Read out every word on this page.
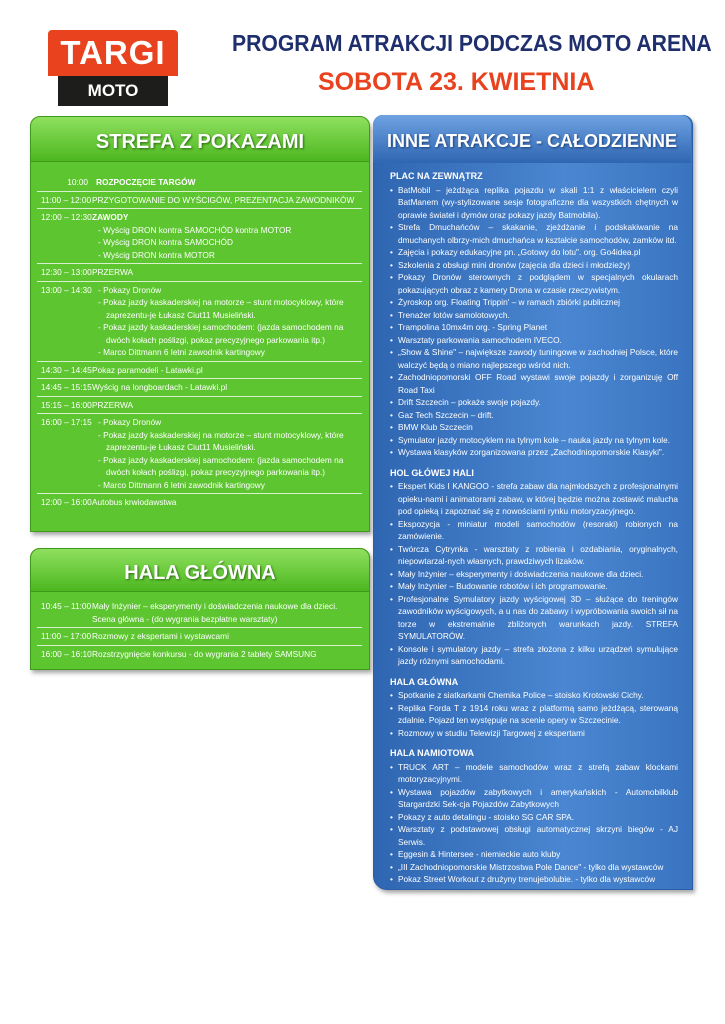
TARGI
MOTO
PROGRAM ATRAKCJI PODCZAS MOTO ARENA
SOBOTA 23. KWIETNIA
STREFA Z POKAZAMI
10:00 ROZPOCZĘCIE TARGÓW
11:00 – 12:00 PRZYGOTOWANIE DO WYŚCIGÓW, PREZENTACJA ZAWODNIKÓW
12:00 – 12:30 ZAWODY
- Wyścig DRON kontra SAMOCHÓD kontra MOTOR
- Wyścig DRON kontra SAMOCHÓD
- Wyścig DRON kontra MOTOR
12:30 – 13:00 PRZERWA
13:00 – 14:30 - Pokazy Dronów
- Pokaz jazdy kaskaderskiej na motorze – stunt motocyklowy, które zaprezentu-je Łukasz Ciut11 Musieliński.
- Pokaz jazdy kaskaderskiej samochodem: (jazda samochodem na dwóch kołach poślizgi, pokaz precyzyjnego parkowania itp.)
- Marco Dittmann 6 letni zawodnik kartingowy
14:30 – 14:45 Pokaz paramodeli - Latawki.pl
14:45 – 15:15 Wyścig na longboardach - Latawki.pl
15:15 – 16:00 PRZERWA
16:00 – 17:15 - Pokazy Dronów
- Pokaz jazdy kaskaderskiej na motorze – stunt motocyklowy, które zaprezentu-je Łukasz Ciut11 Musieliński.
- Pokaz jazdy kaskaderskiej samochodem: (jazda samochodem na dwóch kołach poślizgi, pokaz precyzyjnego parkowania itp.)
- Marco Dittmann 6 letni zawodnik kartingowy
12:00 – 16:00 Autobus krwiodawstwa
HALA GŁÓWNA
10:45 – 11:00 Mały Inżynier – eksperymenty i doświadczenia naukowe dla dzieci.
Scena główna - (do wygrania bezpłatne warsztaty)
11:00 – 17:00 Rozmowy z ekspertami i wystawcami
16:00 – 16:10 Rozstrzygnięcie konkursu - do wygrania 2 tablety SAMSUNG
INNE ATRAKCJE - CAŁODZIENNE
PLAC NA ZEWNĄTRZ
• BatMobil – jeżdżąca replika pojazdu w skali 1:1 z właścicielem czyli BatManem (wy-stylizowane sesje fotograficzne dla wszystkich chętnych w oprawie świateł i dymów oraz pokazy jazdy Batmobila).
• Strefa Dmuchańców – skakanie, zjeżdżanie i podskakiwanie na dmuchanych olbrzy-mich dmuchańca w kształcie samochodów, zamków itd.
• Zajęcia i pokazy edukacyjne pn. „Gotowy do lotu". org. Go4idea.pl
• Szkolenia z obsługi mini dronów (zajęcia dla dzieci i młodzieży)
• Pokazy Dronów sterownych z podglądem w specjalnych okularach pokazujących obraz z kamery Drona w czasie rzeczywistym.
• Żyroskop org. Floating Trippin' – w ramach zbiórki publicznej
• Trenażer lotów samolotowych.
• Trampolina 10mx4m org. - Spring Planet
• Warsztaty parkowania samochodem IVECO.
• „Show & Shine" – największe zawody tuningowe w zachodniej Polsce, które walczyć będą o miano najlepszego wśród nich.
• Zachodniopomorski OFF Road wystawi swoje pojazdy i zorganizuję Off Road Taxi
• Drift Szczecin – pokaże swoje pojazdy.
• Gaz Tech Szczecin – drift.
• BMW Klub Szczecin
• Symulator jazdy motocyklem na tylnym kole – nauka jazdy na tylnym kole.
• Wystawa klasyków zorganizowana przez „Zachodniopomorskie Klasyki".
HOL GŁÓWEJ HALI
• Ekspert Kids I KANGOO - strefa zabaw dla najmłodszych z profesjonalnymi opieku-nami i animatorami zabaw, w której będzie można zostawić malucha pod opieką i zapoznać się z nowościami rynku motoryzacyjnego.
• Ekspozycja - miniatur modeli samochodów (resoraki) robionych na zamówienie.
• Twórcza Cytrynka - warsztaty z robienia i ozdabiania, oryginalnych, niepowtarzal-nych własnych, prawdziwych lizaków.
• Mały Inżynier – eksperymenty i doświadczenia naukowe dla dzieci.
• Mały Inżynier – Budowanie robotów i ich programowanie.
• Profesjonalne Symulatory jazdy wyścigowej 3D – służące do treningów zawodników wyścigowych, a u nas do zabawy i wypróbowania swoich sił na torze w ekstremalnie zbliżonych warunkach jazdy. STREFA SYMULATORÓW.
• Konsole i symulatory jazdy – strefa złożona z kilku urządzeń symulujące jazdy różnymi samochodami.
HALA GŁÓWNA
• Spotkanie z siatkarkami Chemika Police – stoisko Krotowski Cichy.
• Replika Forda T z 1914 roku wraz z platformą samo jeżdżącą, sterowaną zdalnie. Pojazd ten występuje na scenie opery w Szczecinie.
• Rozmowy w studiu Telewizji Targowej z ekspertami
HALA NAMIOTOWA
• TRUCK ART – modele samochodów wraz z strefą zabaw klockami motoryzacyjnymi.
• Wystawa pojazdów zabytkowych i amerykańskich - Automobilklub Stargardzki Sek-cja Pojazdów Zabytkowych
• Pokazy z auto detalingu - stoisko SG CAR SPA.
• Warsztaty z podstawowej obsługi automatycznej skrzyni biegów - AJ Serwis.
• Eggesin & Hintersee - niemieckie auto kluby
• „III Zachodniopomorskie Mistrzostwa Pole Dance" - tylko dla wystawców
• Pokaz Street Workout z drużyny trenujebolubie. - tylko dla wystawców
